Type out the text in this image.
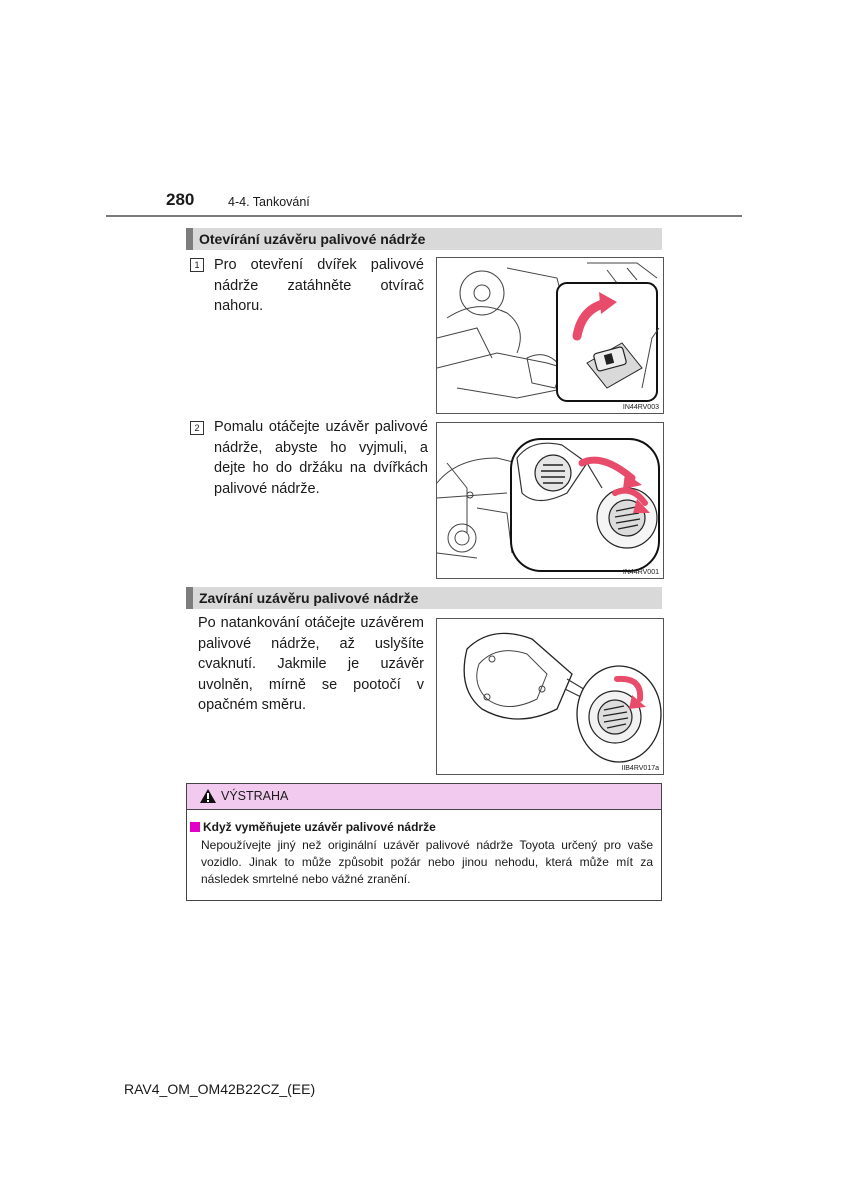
280	4-4. Tankování
Otevírání uzávěru palivové nádrže
1	Pro otevření dvířek palivové nádrže zatáhněte otvírač nahoru.
IN44RV003
2	Pomalu otáčejte uzávěr palivové nádrže, abyste ho vyjmuli, a dejte ho do držáku na dvířkách palivové nádrže.
IN44RV001
Zavírání uzávěru palivové nádrže
Po natankování otáčejte uzávěrem palivové nádrže, až uslyšíte cvaknutí. Jakmile je uzávěr uvolněn, mírně se pootočí v opačném směru.
IIB4RV017a
VÝSTRAHA
Když vyměňujete uzávěr palivové nádrže
Nepoužívejte jiný než originální uzávěr palivové nádrže Toyota určený pro vaše vozidlo. Jinak to může způsobit požár nebo jinou nehodu, která může mít za následek smrtelné nebo vážné zranění.
RAV4_OM_OM42B22CZ_(EE)
